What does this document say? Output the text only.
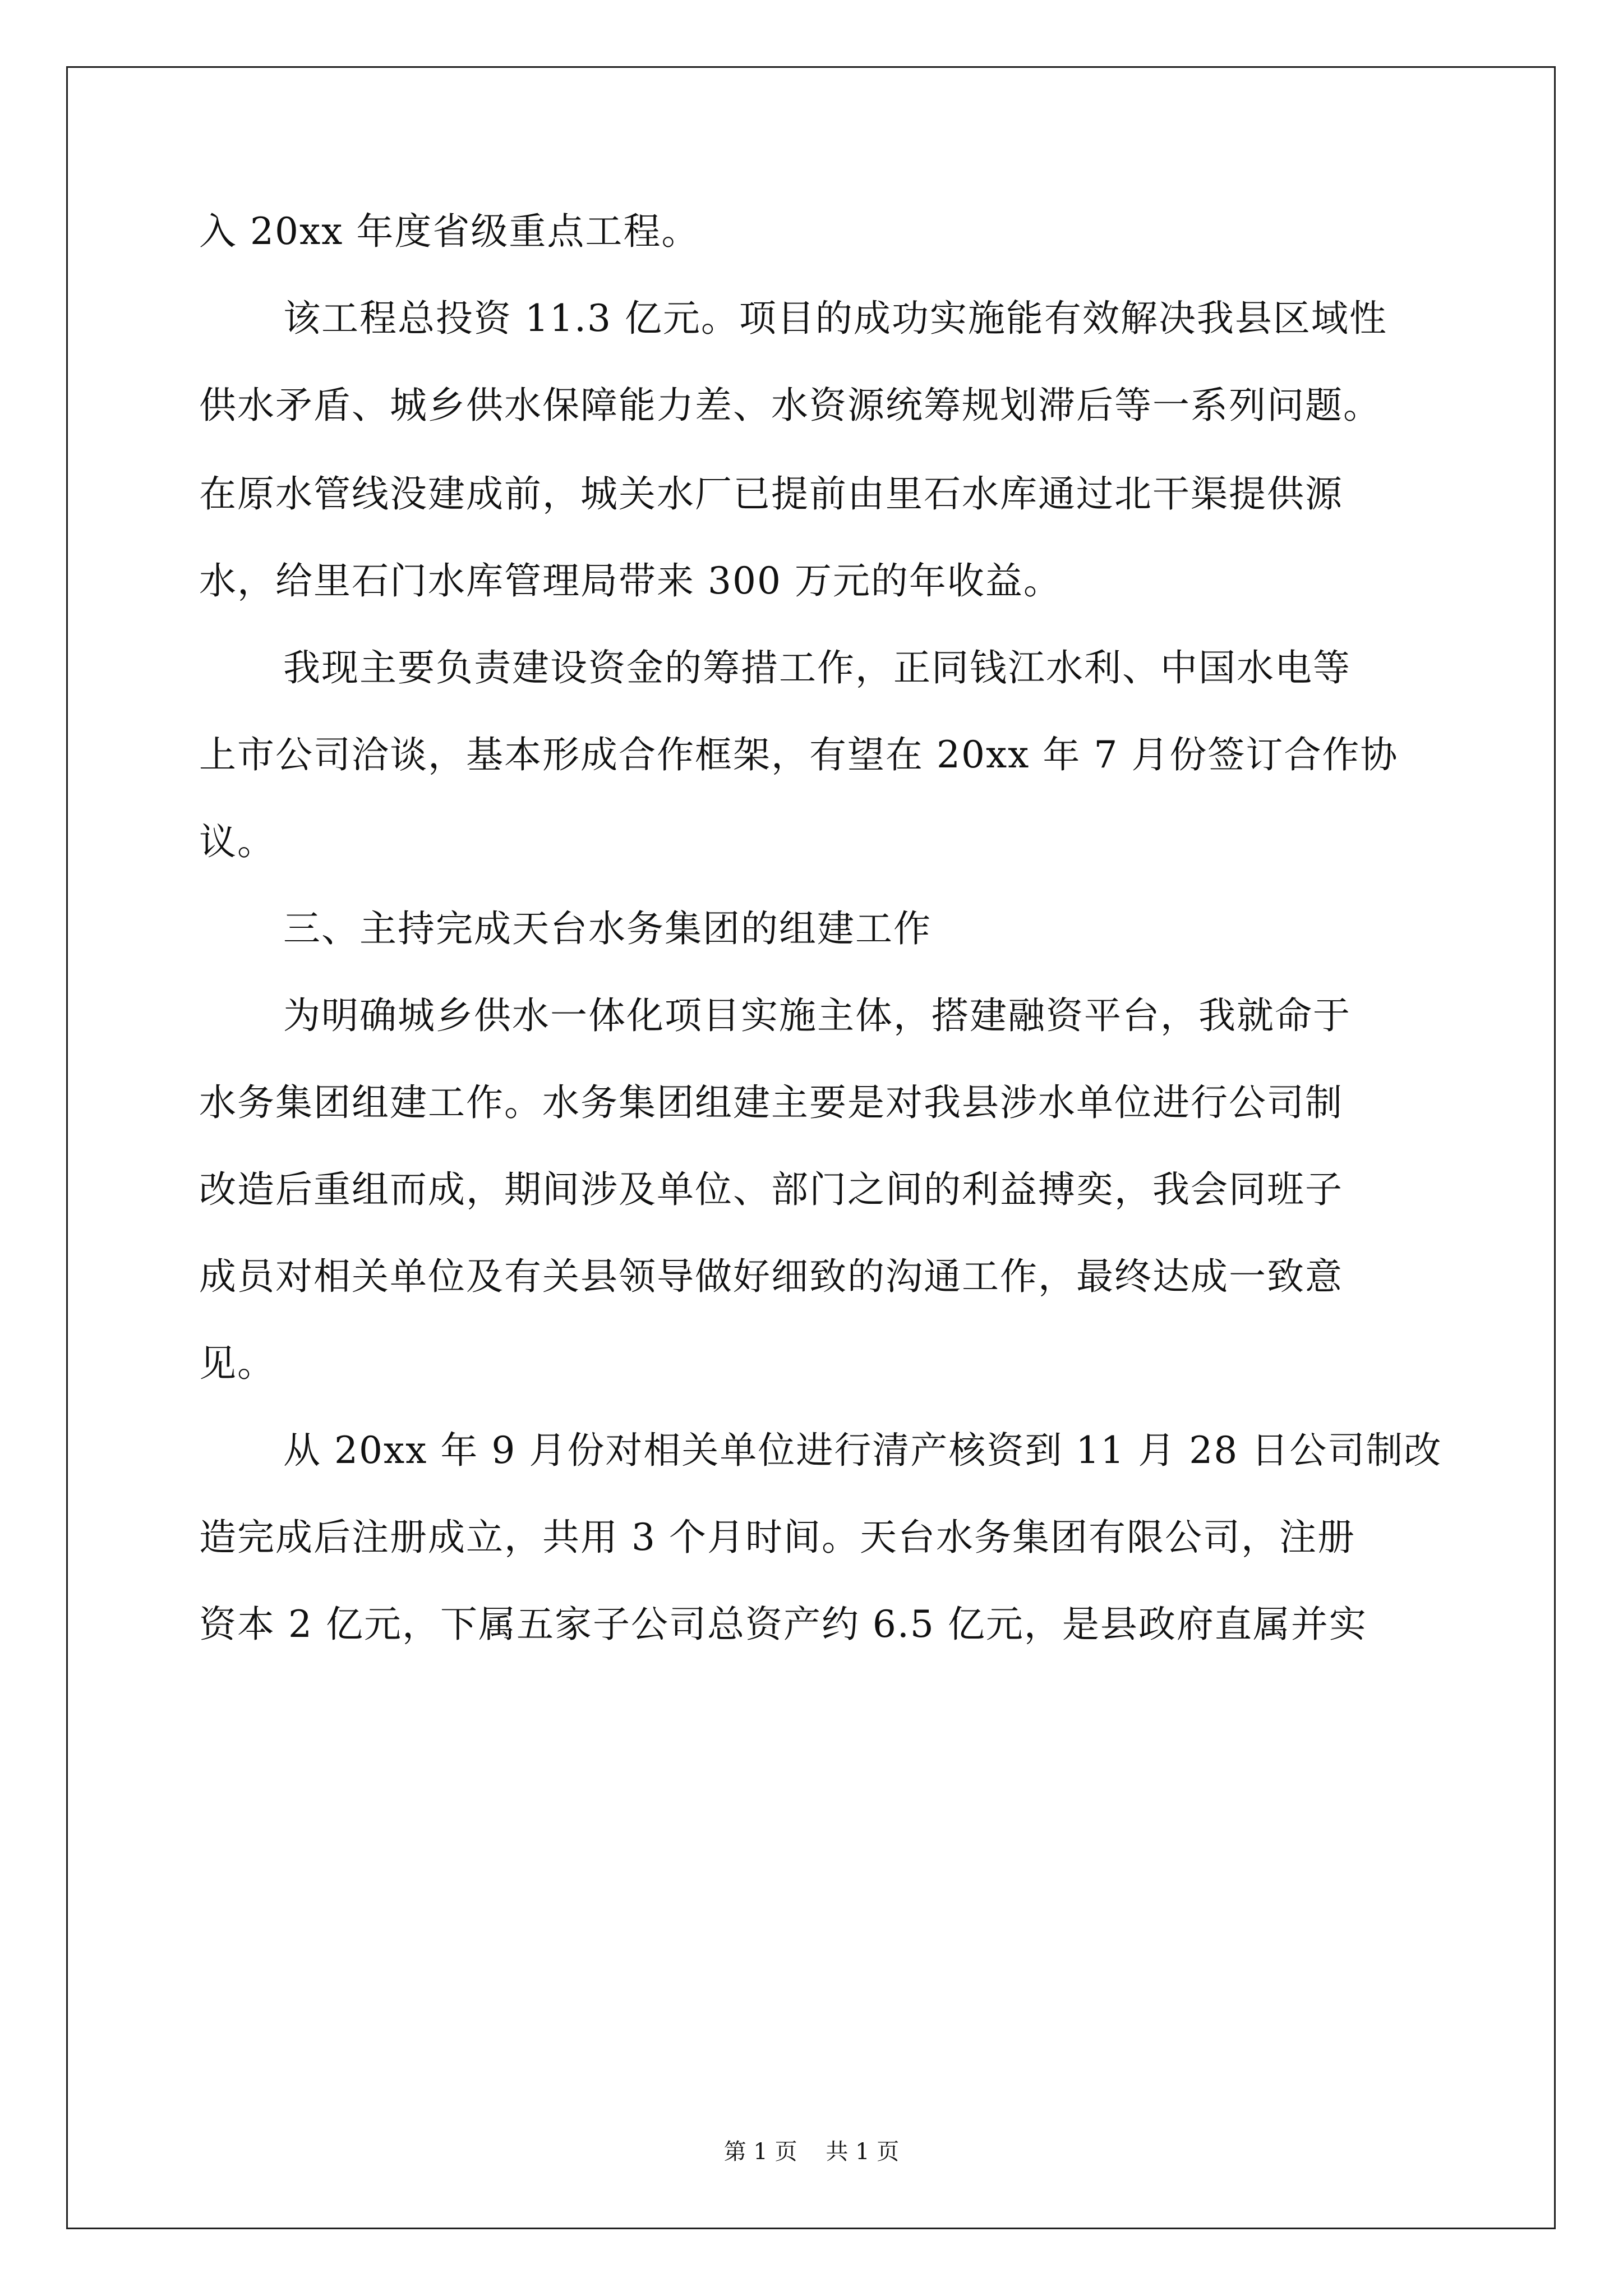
入 20xx 年度省级重点工程。
该工程总投资 11.3 亿元。项目的成功实施能有效解决我县区域性
供水矛盾、城乡供水保障能力差、水资源统筹规划滞后等一系列问题。
在原水管线没建成前，城关水厂已提前由里石水库通过北干渠提供源
水，给里石门水库管理局带来 300 万元的年收益。
我现主要负责建设资金的筹措工作，正同钱江水利、中国水电等
上市公司洽谈，基本形成合作框架，有望在 20xx 年 7 月份签订合作协
议。
三、主持完成天台水务集团的组建工作
为明确城乡供水一体化项目实施主体，搭建融资平台，我就命于
水务集团组建工作。水务集团组建主要是对我县涉水单位进行公司制
改造后重组而成，期间涉及单位、部门之间的利益搏奕，我会同班子
成员对相关单位及有关县领导做好细致的沟通工作，最终达成一致意
见。
从 20xx 年 9 月份对相关单位进行清产核资到 11 月 28 日公司制改
造完成后注册成立，共用 3 个月时间。天台水务集团有限公司，注册
资本 2 亿元，下属五家子公司总资产约 6.5 亿元，是县政府直属并实
第 1 页    共 1 页
